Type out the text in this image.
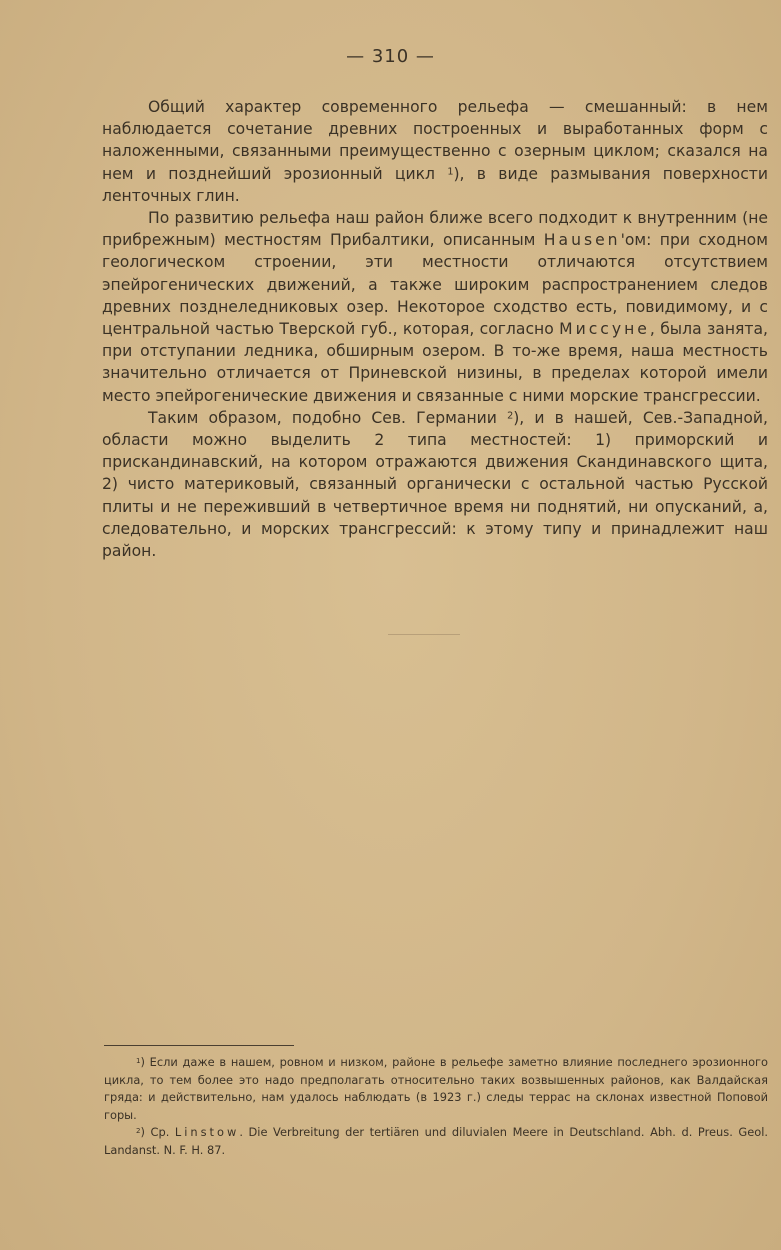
— 310 —

Общий характер современного рельефа — смешанный: в нем наблюдается сочетание древних построенных и выработанных форм с наложенными, связанными преимущественно с озерным циклом; сказался на нем и позднейший эрозионный цикл $^1$), в виде размывания поверхности ленточных глин.

По развитию рельефа наш район ближе всего подходит к внутренним (не прибрежным) местностям Прибалтики, описанным Hausen'ом: при сходном геологическом строении, эти местности отличаются отсутствием эпейрогенических движений, а также широким распространением следов древних позднеледниковых озер. Некоторое сходство есть, повидимому, и с центральной частью Тверской губ., которая, согласно Миссуне, была занята, при отступании ледника, обширным озером. В то-же время, наша местность значительно отличается от Приневской низины, в пределах которой имели место эпейрогенические движения и связанные с ними морские трансгрессии.

Таким образом, подобно Сев. Германии $^2$), и в нашей, Сев.-Западной, области можно выделить 2 типа местностей: 1) приморский и прискандинавский, на котором отражаются движения Скандинавского щита, 2) чисто материковый, связанный органически с остальной частью Русской плиты и не переживший в четвертичное время ни поднятий, ни опусканий, а, следовательно, и морских трансгрессий: к этому типу и принадлежит наш район.

$^1$) Если даже в нашем, ровном и низком, районе в рельефе заметно влияние последнего эрозионного цикла, то тем более это надо предполагать относительно таких возвышенных районов, как Валдайская гряда: и действительно, нам удалось наблюдать (в 1923 г.) следы террас на склонах известной Поповой горы.

$^2$) Ср. Linstow. Die Verbreitung der tertiären und diluvialen Meere in Deutschland. Abh. d. Preus. Geol. Landanst. N. F. H. 87.
